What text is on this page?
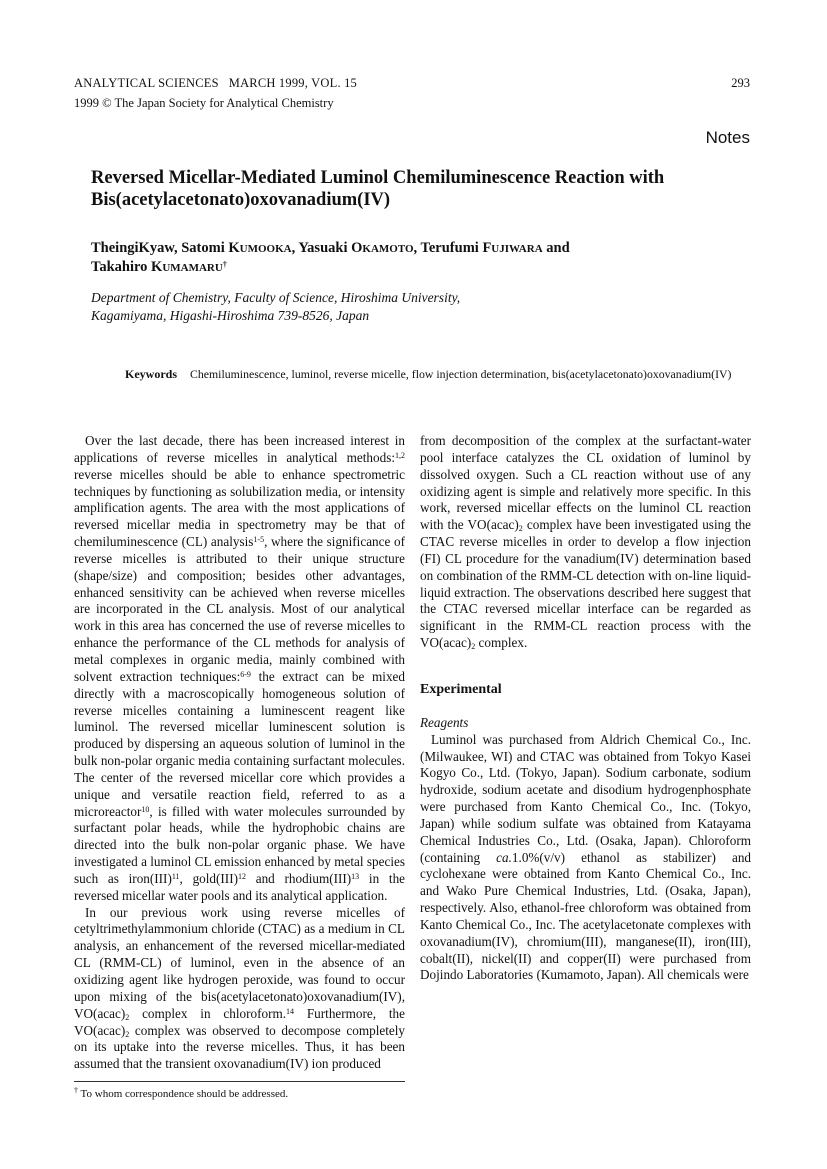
ANALYTICAL SCIENCES   MARCH 1999, VOL. 15
1999 © The Japan Society for Analytical Chemistry
293
Notes
Reversed Micellar-Mediated Luminol Chemiluminescence Reaction with
Bis(acetylacetonato)oxovanadium(IV)
TheingiKyaw, Satomi KUMOOKA, Yasuaki OKAMOTO, Terufumi FUJIWARA and
Takahiro KUMAMARU†
Department of Chemistry, Faculty of Science, Hiroshima University,
Kagamiyama, Higashi-Hiroshima 739-8526, Japan
Keywords Chemiluminescence, luminol, reverse micelle, flow injection determination, bis(acetylacetonato)oxovanadium(IV)

Over the last decade, there has been increased interest in applications of reverse micelles in analytical methods:$^{1,2}$ reverse micelles should be able to enhance spectrometric techniques by functioning as solubilization media, or intensity amplification agents. The area with the most applications of reversed micellar media in spectrometry may be that of chemiluminescence (CL) analysis$^{1-5}$, where the significance of reverse micelles is attributed to their unique structure (shape/size) and composition; besides other advantages, enhanced sensitivity can be achieved when reverse micelles are incorporated in the CL analysis. Most of our analytical work in this area has concerned the use of reverse micelles to enhance the performance of the CL methods for analysis of metal complexes in organic media, mainly combined with solvent extraction techniques:$^{6-9}$ the extract can be mixed directly with a macroscopically homogeneous solution of reverse micelles containing a luminescent reagent like luminol. The reversed micellar luminescent solution is produced by dispersing an aqueous solution of luminol in the bulk non-polar organic media containing surfactant molecules. The center of the reversed micellar core which provides a unique and versatile reaction field, referred to as a microreactor$^{10}$, is filled with water molecules surrounded by surfactant polar heads, while the hydrophobic chains are directed into the bulk non-polar organic phase. We have investigated a luminol CL emission enhanced by metal species such as iron(III)$^{11}$, gold(III)$^{12}$ and rhodium(III)$^{13}$ in the reversed micellar water pools and its analytical application.

In our previous work using reverse micelles of cetyltrimethylammonium chloride (CTAC) as a medium in CL analysis, an enhancement of the reversed micellar-mediated CL (RMM-CL) of luminol, even in the absence of an oxidizing agent like hydrogen peroxide, was found to occur upon mixing of the bis(acetylacetonato)oxovanadium(IV), $VO(acac)_2$ complex in chloroform.$^{14}$ Furthermore, the $VO(acac)_2$ complex was observed to decompose completely on its uptake into the reverse micelles. Thus, it has been assumed that the transient oxovanadium(IV) ion produced

from decomposition of the complex at the surfactant-water pool interface catalyzes the CL oxidation of luminol by dissolved oxygen. Such a CL reaction without use of any oxidizing agent is simple and relatively more specific. In this work, reversed micellar effects on the luminol CL reaction with the $VO(acac)_2$ complex have been investigated using the CTAC reverse micelles in order to develop a flow injection (FI) CL procedure for the vanadium(IV) determination based on combination of the RMM-CL detection with on-line liquid-liquid extraction. The observations described here suggest that the CTAC reversed micellar interface can be regarded as significant in the RMM-CL reaction process with the $VO(acac)_2$ complex.

Experimental

Reagents

Luminol was purchased from Aldrich Chemical Co., Inc. (Milwaukee, WI) and CTAC was obtained from Tokyo Kasei Kogyo Co., Ltd. (Tokyo, Japan). Sodium carbonate, sodium hydroxide, sodium acetate and disodium hydrogenphosphate were purchased from Kanto Chemical Co., Inc. (Tokyo, Japan) while sodium sulfate was obtained from Katayama Chemical Industries Co., Ltd. (Osaka, Japan). Chloroform (containing ca.1.0%(v/v) ethanol as stabilizer) and cyclohexane were obtained from Kanto Chemical Co., Inc. and Wako Pure Chemical Industries, Ltd. (Osaka, Japan), respectively. Also, ethanol-free chloroform was obtained from Kanto Chemical Co., Inc. The acetylacetonate complexes with oxovanadium(IV), chromium(III), manganese(II), iron(III), cobalt(II), nickel(II) and copper(II) were purchased from Dojindo Laboratories (Kumamoto, Japan). All chemicals were

† To whom correspondence should be addressed.
